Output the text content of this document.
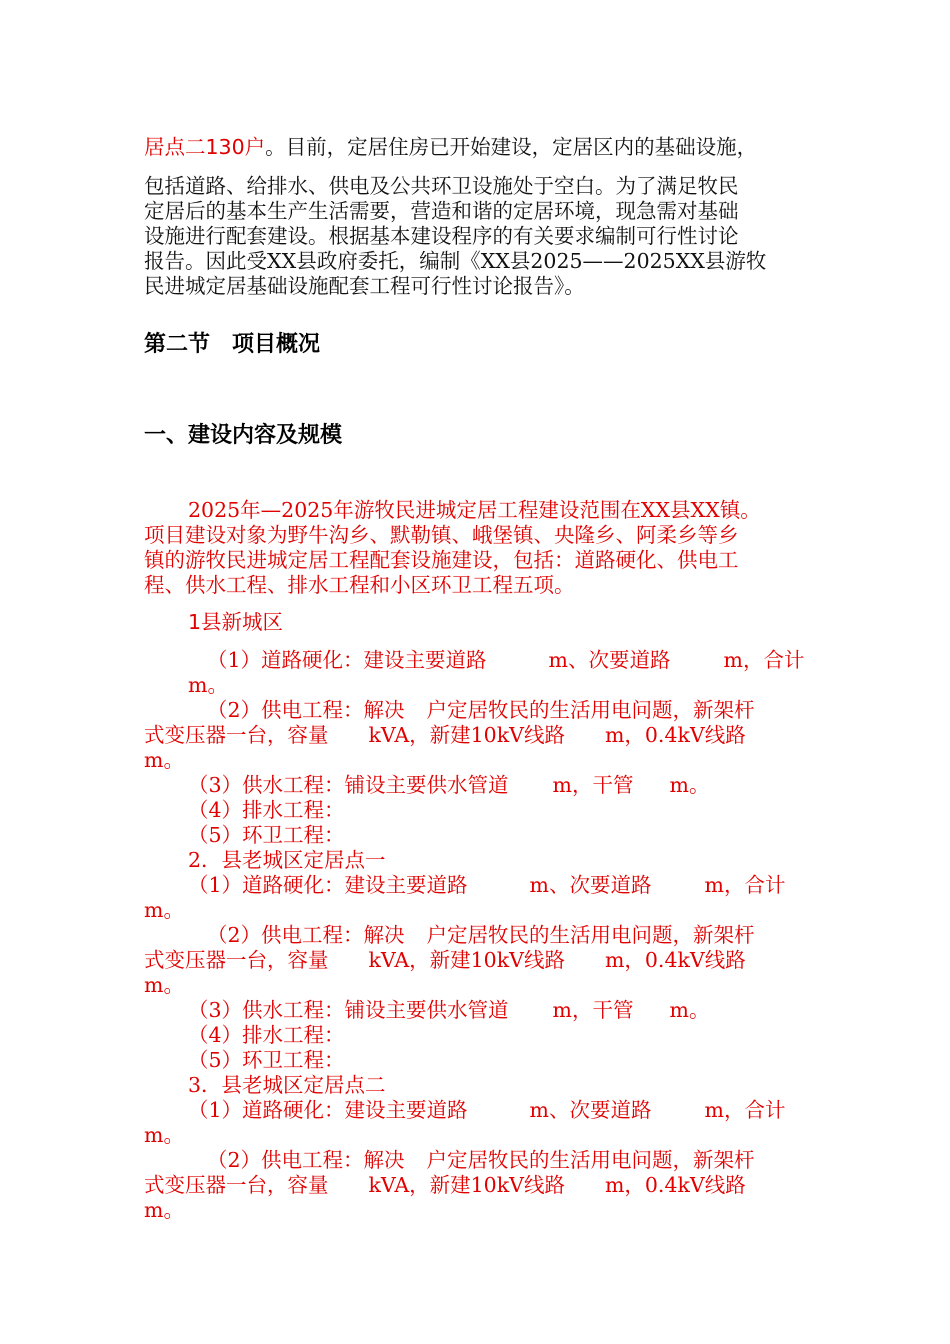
居点二130户。目前，定居住房已开始建设，定居区内的基础设施，
包括道路、给排水、供电及公共环卫设施处于空白。为了满足牧民
定居后的基本生产生活需要，营造和谐的定居环境，现急需对基础
设施进行配套建设。根据基本建设程序的有关要求编制可行性讨论
报告。因此受XX县政府委托，编制《XX县2025——2025XX县游牧
民进城定居基础设施配套工程可行性讨论报告》。
第二节　项目概况
一、建设内容及规模
2025年—2025年游牧民进城定居工程建设范围在XX县XX镇。
项目建设对象为野牛沟乡、默勒镇、峨堡镇、央隆乡、阿柔乡等乡
镇的游牧民进城定居工程配套设施建设，包括：道路硬化、供电工
程、供水工程、排水工程和小区环卫工程五项。
1县新城区
（1）道路硬化：建设主要道路	m、次要道路	m，合计
m。
（2）供电工程：解决 户定居牧民的生活用电问题，新架杆
式变压器一台，容量 kVA，新建10kV线路 m，0.4kV线路
m。
（3）供水工程：铺设主要供水管道 m，干管 m。
（4）排水工程：
（5）环卫工程：
2．县老城区定居点一
（1）道路硬化：建设主要道路	m、次要道路	m，合计
m。
（2）供电工程：解决 户定居牧民的生活用电问题，新架杆
式变压器一台，容量 kVA，新建10kV线路 m，0.4kV线路
m。
（3）供水工程：铺设主要供水管道 m，干管 m。
（4）排水工程：
（5）环卫工程：
3．县老城区定居点二
（1）道路硬化：建设主要道路	m、次要道路	m，合计
m。
（2）供电工程：解决 户定居牧民的生活用电问题，新架杆
式变压器一台，容量 kVA，新建10kV线路 m，0.4kV线路
m。
